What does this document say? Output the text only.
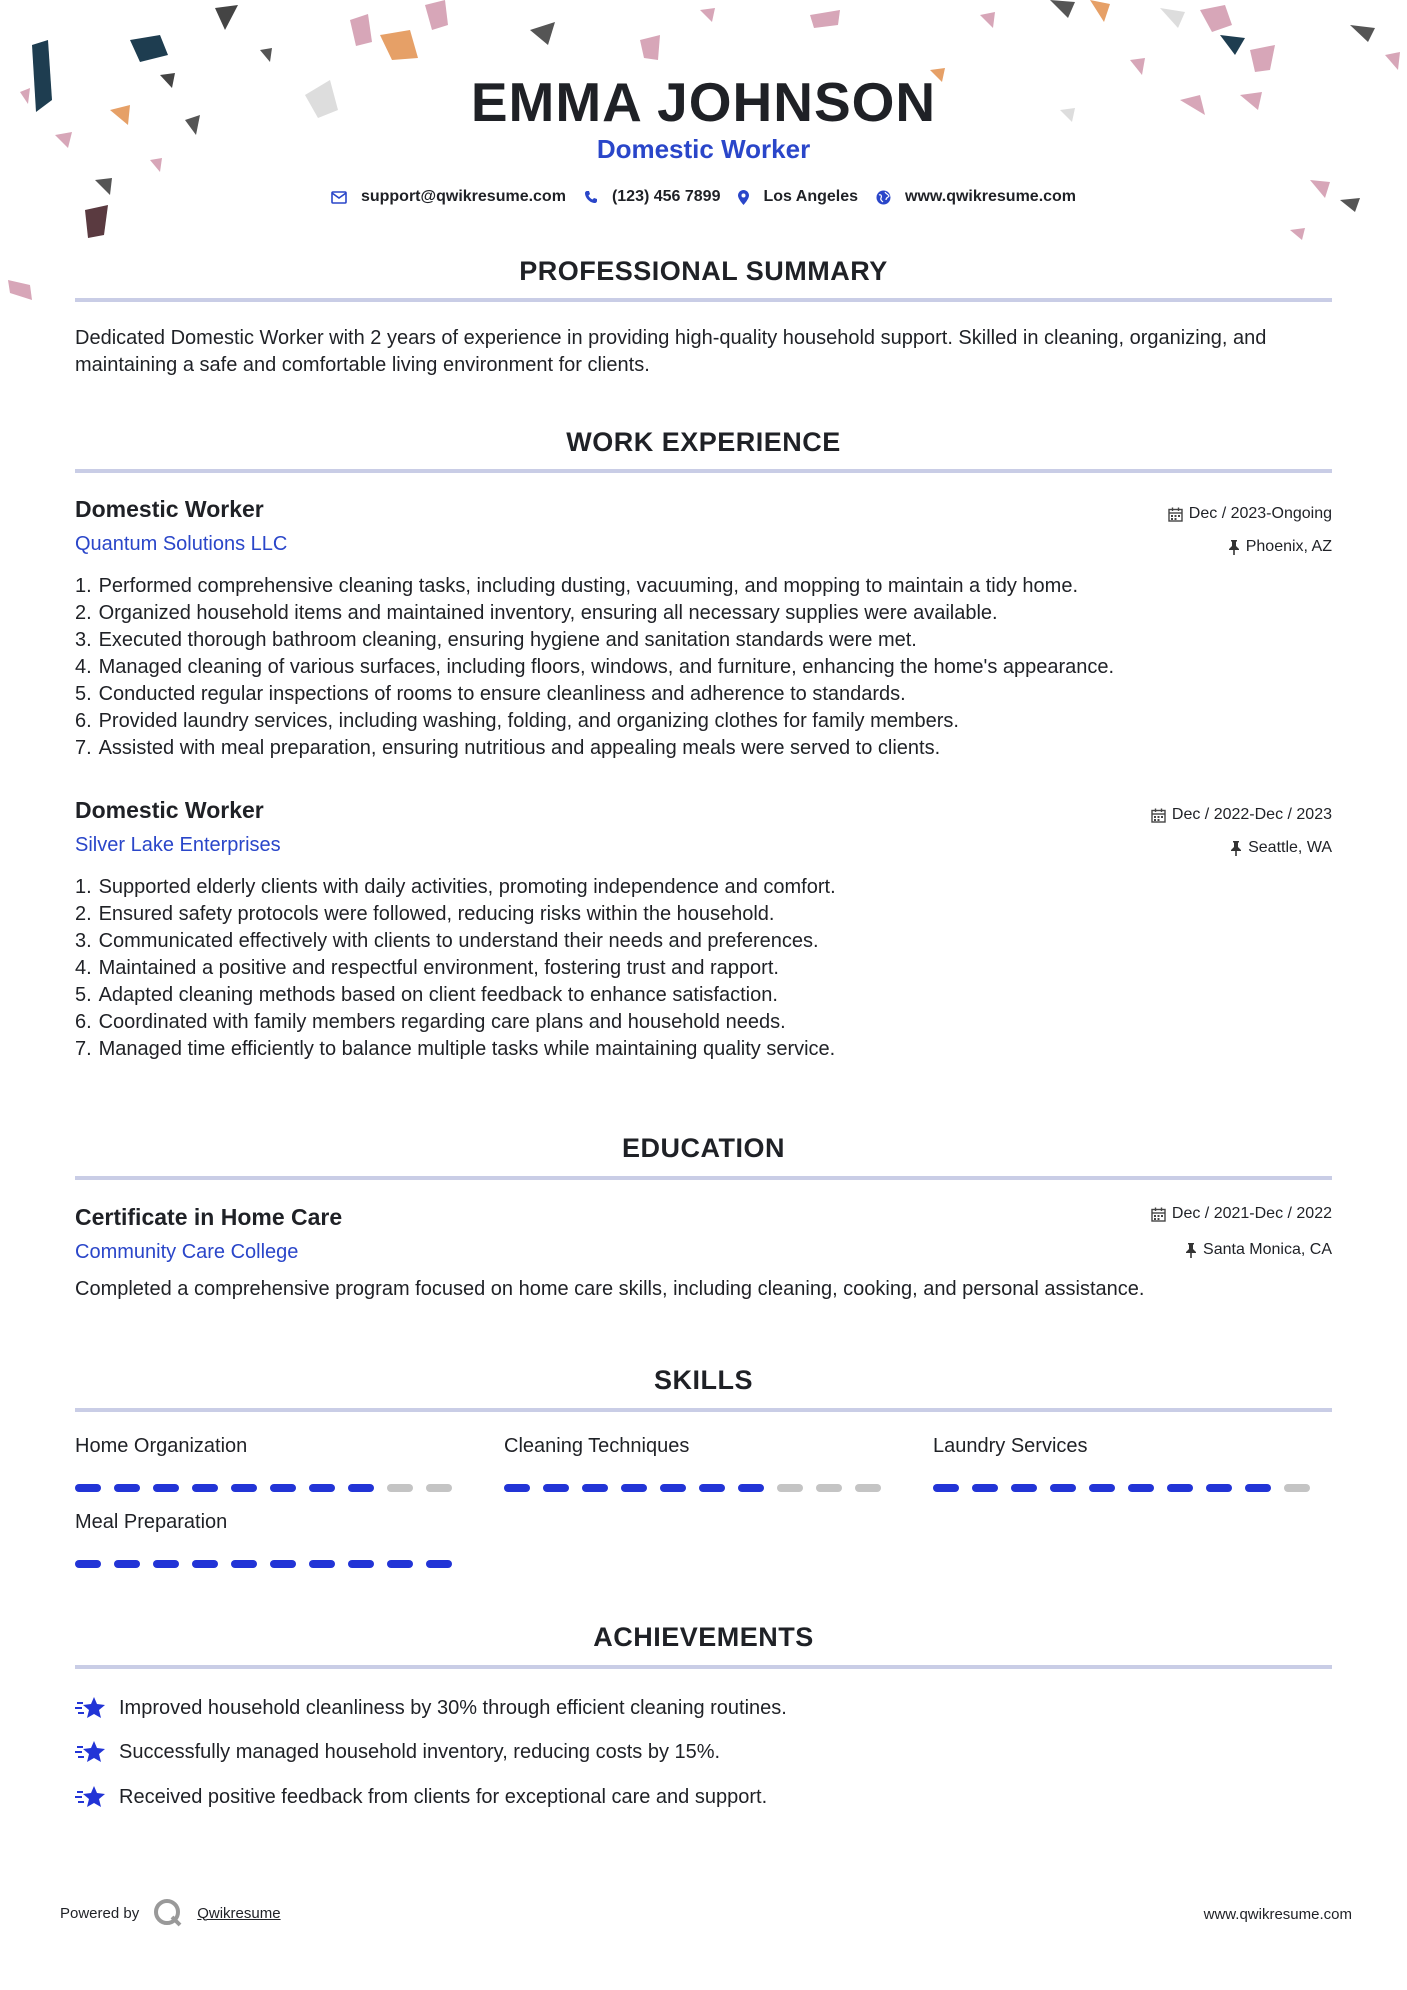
EMMA JOHNSON
Domestic Worker
support@qwikresume.com	(123) 456 7899	Los Angeles	www.qwikresume.com
PROFESSIONAL SUMMARY
Dedicated Domestic Worker with 2 years of experience in providing high-quality household support. Skilled in cleaning, organizing, and maintaining a safe and comfortable living environment for clients.
WORK EXPERIENCE
Domestic Worker	Dec / 2023-Ongoing
Quantum Solutions LLC	Phoenix, AZ
1.
Performed comprehensive cleaning tasks, including dusting, vacuuming, and mopping to maintain a tidy home.
2.
Organized household items and maintained inventory, ensuring all necessary supplies were available.
3.
Executed thorough bathroom cleaning, ensuring hygiene and sanitation standards were met.
4.
Managed cleaning of various surfaces, including floors, windows, and furniture, enhancing the home's appearance.
5.
Conducted regular inspections of rooms to ensure cleanliness and adherence to standards.
6.
Provided laundry services, including washing, folding, and organizing clothes for family members.
7.
Assisted with meal preparation, ensuring nutritious and appealing meals were served to clients.
Domestic Worker	Dec / 2022-Dec / 2023
Silver Lake Enterprises	Seattle, WA
1.
Supported elderly clients with daily activities, promoting independence and comfort.
2.
Ensured safety protocols were followed, reducing risks within the household.
3.
Communicated effectively with clients to understand their needs and preferences.
4.
Maintained a positive and respectful environment, fostering trust and rapport.
5.
Adapted cleaning methods based on client feedback to enhance satisfaction.
6.
Coordinated with family members regarding care plans and household needs.
7.
Managed time efficiently to balance multiple tasks while maintaining quality service.
EDUCATION
Certificate in Home Care	Dec / 2021-Dec / 2022
Community Care College	Santa Monica, CA
Completed a comprehensive program focused on home care skills, including cleaning, cooking, and personal assistance.
SKILLS
Home Organization	Cleaning Techniques	Laundry Services
Meal Preparation
ACHIEVEMENTS
Improved household cleanliness by 30% through efficient cleaning routines.
Successfully managed household inventory, reducing costs by 15%.
Received positive feedback from clients for exceptional care and support.
Powered by	Qwikresume	www.qwikresume.com
